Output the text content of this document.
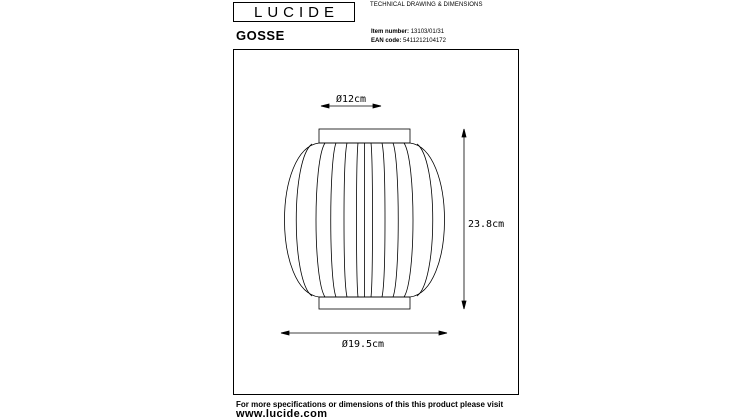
LUCIDE	TECHNICAL DRAWING & DIMENSIONS
GOSSE	Item number: 13103/01/31
EAN code: 5411212104172
Ø12cm
23.8cm
Ø19.5cm
For more specifications or dimensions of this this product please visit
www.lucide.com
